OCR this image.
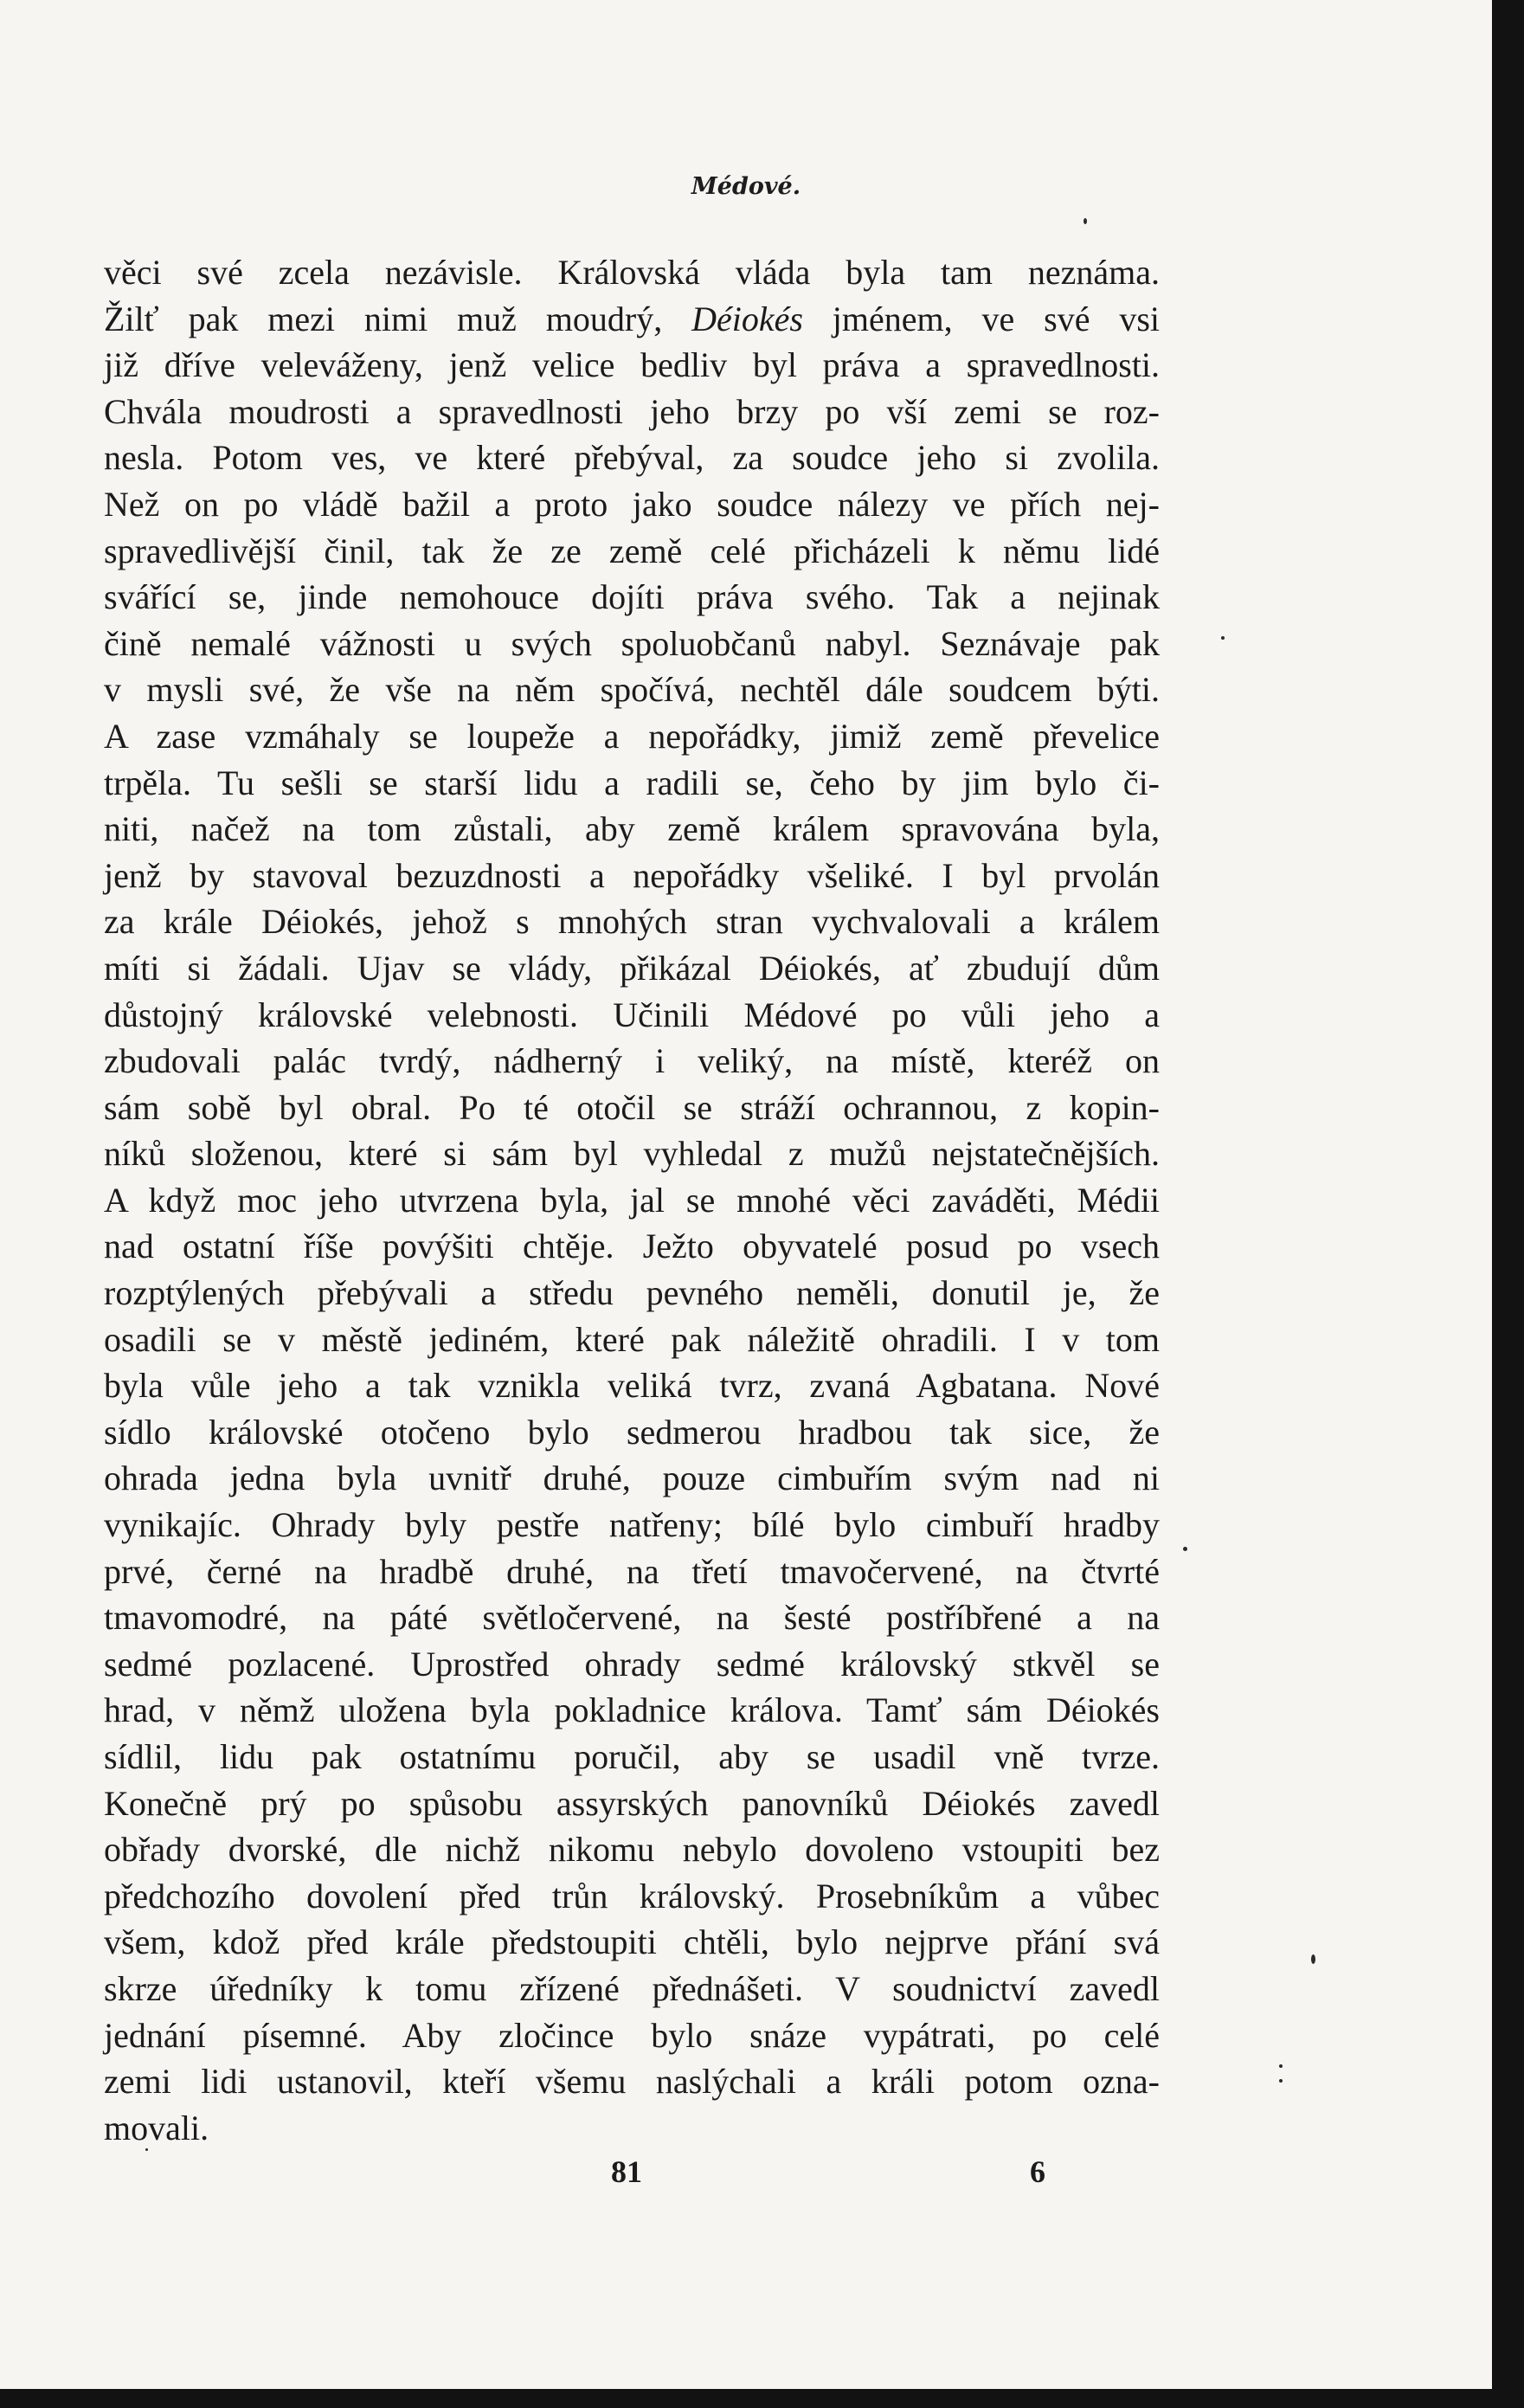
Médové.
věci své zcela nezávisle. Královská vláda byla tam neznáma.
Žilť pak mezi nimi muž moudrý, Déiokés jménem, ve své vsi
již dříve veleváženy, jenž velice bedliv byl práva a spravedlnosti.
Chvála moudrosti a spravedlnosti jeho brzy po vší zemi se roz-
nesla. Potom ves, ve které přebýval, za soudce jeho si zvolila.
Než on po vládě bažil a proto jako soudce nálezy ve přích nej-
spravedlivější činil, tak že ze země celé přicházeli k němu lidé
svářící se, jinde nemohouce dojíti práva svého. Tak a nejinak
čině nemalé vážnosti u svých spoluobčanů nabyl. Seznávaje pak
v mysli své, že vše na něm spočívá, nechtěl dále soudcem býti.
A zase vzmáhaly se loupeže a nepořádky, jimiž země převelice
trpěla. Tu sešli se starší lidu a radili se, čeho by jim bylo či-
niti, načež na tom zůstali, aby země králem spravována byla,
jenž by stavoval bezuzdnosti a nepořádky všeliké. I byl prvolán
za krále Déiokés, jehož s mnohých stran vychvalovali a králem
míti si žádali. Ujav se vlády, přikázal Déiokés, ať zbudují dům
důstojný královské velebnosti. Učinili Médové po vůli jeho a
zbudovali palác tvrdý, nádherný i veliký, na místě, kteréž on
sám sobě byl obral. Po té otočil se stráží ochrannou, z kopin-
níků složenou, které si sám byl vyhledal z mužů nejstatečnějších.
A když moc jeho utvrzena byla, jal se mnohé věci zaváděti, Médii
nad ostatní říše povýšiti chtěje. Ježto obyvatelé posud po vsech
rozptýlených přebývali a středu pevného neměli, donutil je, že
osadili se v městě jediném, které pak náležitě ohradili. I v tom
byla vůle jeho a tak vznikla veliká tvrz, zvaná Agbatana. Nové
sídlo královské otočeno bylo sedmerou hradbou tak sice, že
ohrada jedna byla uvnitř druhé, pouze cimbuřím svým nad ni
vynikajíc. Ohrady byly pestře natřeny; bílé bylo cimbuří hradby
prvé, černé na hradbě druhé, na třetí tmavočervené, na čtvrté
tmavomodré, na páté světločervené, na šesté postříbřené a na
sedmé pozlacené. Uprostřed ohrady sedmé královský stkvěl se
hrad, v němž uložena byla pokladnice králova. Tamť sám Déiokés
sídlil, lidu pak ostatnímu poručil, aby se usadil vně tvrze.
Konečně prý po spůsobu assyrských panovníků Déiokés zavedl
obřady dvorské, dle nichž nikomu nebylo dovoleno vstoupiti bez
předchozího dovolení před trůn královský. Prosebníkům a vůbec
všem, kdož před krále předstoupiti chtěli, bylo nejprve přání svá
skrze úředníky k tomu zřízené přednášeti. V soudnictví zavedl
jednání písemné. Aby zločince bylo snáze vypátrati, po celé
zemi lidi ustanovil, kteří všemu naslýchali a králi potom ozna-
movali.
81	6
